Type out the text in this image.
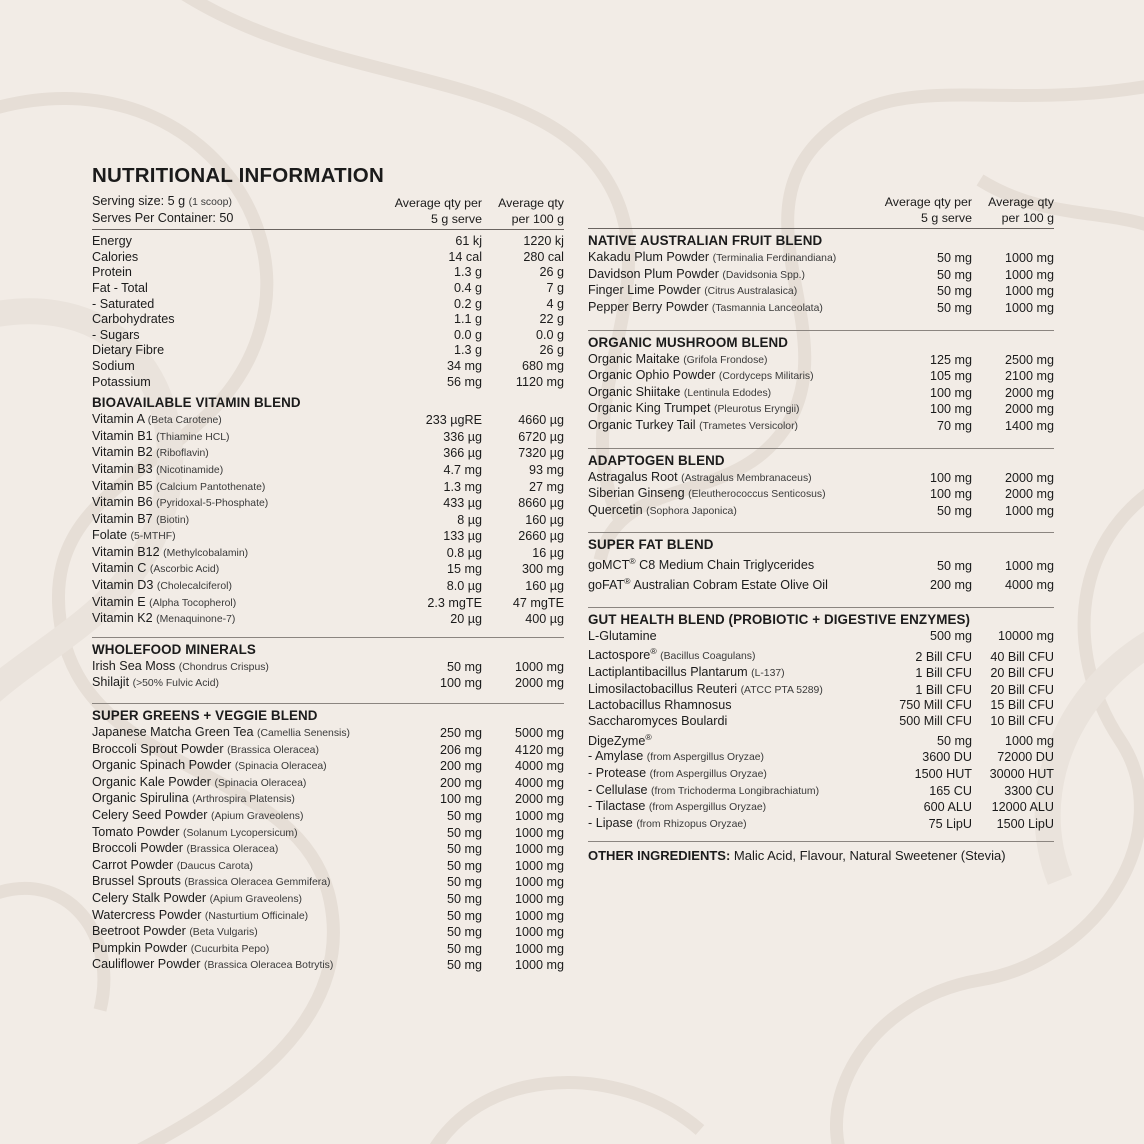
NUTRITIONAL INFORMATION
Serving size: 5 g (1 scoop)	Average qty per	Average qty
Serves Per Container: 50	5 g serve	per 100 g
Energy	61 kj	1220 kj
Calories	14 cal	280 cal
Protein	1.3 g	26 g
Fat - Total	0.4 g	7 g
- Saturated	0.2 g	4 g
Carbohydrates	1.1 g	22 g
- Sugars	0.0 g	0.0 g
Dietary Fibre	1.3 g	26 g
Sodium	34 mg	680 mg
Potassium	56 mg	1120 mg
BIOAVAILABLE VITAMIN BLEND
Vitamin A (Beta Carotene)	233 µgRE	4660 µg
Vitamin B1 (Thiamine HCL)	336 µg	6720 µg
Vitamin B2 (Riboflavin)	366 µg	7320 µg
Vitamin B3 (Nicotinamide)	4.7 mg	93 mg
Vitamin B5 (Calcium Pantothenate)	1.3 mg	27 mg
Vitamin B6 (Pyridoxal-5-Phosphate)	433 µg	8660 µg
Vitamin B7 (Biotin)	8 µg	160 µg
Folate (5-MTHF)	133 µg	2660 µg
Vitamin B12 (Methylcobalamin)	0.8 µg	16 µg
Vitamin C (Ascorbic Acid)	15 mg	300 mg
Vitamin D3 (Cholecalciferol)	8.0 µg	160 µg
Vitamin E (Alpha Tocopherol)	2.3 mgTE	47 mgTE
Vitamin K2 (Menaquinone-7)	20 µg	400 µg
WHOLEFOOD MINERALS
Irish Sea Moss (Chondrus Crispus)	50 mg	1000 mg
Shilajit (>50% Fulvic Acid)	100 mg	2000 mg
SUPER GREENS + VEGGIE BLEND
Japanese Matcha Green Tea (Camellia Senensis)	250 mg	5000 mg
Broccoli Sprout Powder (Brassica Oleracea)	206 mg	4120 mg
Organic Spinach Powder (Spinacia Oleracea)	200 mg	4000 mg
Organic Kale Powder (Spinacia Oleracea)	200 mg	4000 mg
Organic Spirulina (Arthrospira Platensis)	100 mg	2000 mg
Celery Seed Powder (Apium Graveolens)	50 mg	1000 mg
Tomato Powder (Solanum Lycopersicum)	50 mg	1000 mg
Broccoli Powder (Brassica Oleracea)	50 mg	1000 mg
Carrot Powder (Daucus Carota)	50 mg	1000 mg
Brussel Sprouts (Brassica Oleracea Gemmifera)	50 mg	1000 mg
Celery Stalk Powder (Apium Graveolens)	50 mg	1000 mg
Watercress Powder (Nasturtium Officinale)	50 mg	1000 mg
Beetroot Powder (Beta Vulgaris)	50 mg	1000 mg
Pumpkin Powder (Cucurbita Pepo)	50 mg	1000 mg
Cauliflower Powder (Brassica Oleracea Botrytis)	50 mg	1000 mg
	Average qty per	Average qty
	5 g serve	per 100 g
NATIVE AUSTRALIAN FRUIT BLEND
Kakadu Plum Powder (Terminalia Ferdinandiana)	50 mg	1000 mg
Davidson Plum Powder (Davidsonia Spp.)	50 mg	1000 mg
Finger Lime Powder (Citrus Australasica)	50 mg	1000 mg
Pepper Berry Powder (Tasmannia Lanceolata)	50 mg	1000 mg
ORGANIC MUSHROOM BLEND
Organic Maitake (Grifola Frondose)	125 mg	2500 mg
Organic Ophio Powder (Cordyceps Militaris)	105 mg	2100 mg
Organic Shiitake (Lentinula Edodes)	100 mg	2000 mg
Organic King Trumpet (Pleurotus Eryngii)	100 mg	2000 mg
Organic Turkey Tail (Trametes Versicolor)	70 mg	1400 mg
ADAPTOGEN BLEND
Astragalus Root (Astragalus Membranaceus)	100 mg	2000 mg
Siberian Ginseng (Eleutherococcus Senticosus)	100 mg	2000 mg
Quercetin (Sophora Japonica)	50 mg	1000 mg
SUPER FAT BLEND
goMCT® C8 Medium Chain Triglycerides	50 mg	1000 mg
goFAT® Australian Cobram Estate Olive Oil	200 mg	4000 mg
GUT HEALTH BLEND (PROBIOTIC + DIGESTIVE ENZYMES)
L-Glutamine	500 mg	10000 mg
Lactospore® (Bacillus Coagulans)	2 Bill CFU	40 Bill CFU
Lactiplantibacillus Plantarum (L-137)	1 Bill CFU	20 Bill CFU
Limosilactobacillus Reuteri (ATCC PTA 5289)	1 Bill CFU	20 Bill CFU
Lactobacillus Rhamnosus	750 Mill CFU	15 Bill CFU
Saccharomyces Boulardi	500 Mill CFU	10 Bill CFU
DigeZyme®	50 mg	1000 mg
- Amylase (from Aspergillus Oryzae)	3600 DU	72000 DU
- Protease (from Aspergillus Oryzae)	1500 HUT	30000 HUT
- Cellulase (from Trichoderma Longibrachiatum)	165 CU	3300 CU
- Tilactase (from Aspergillus Oryzae)	600 ALU	12000 ALU
- Lipase (from Rhizopus Oryzae)	75 LipU	1500 LipU
OTHER INGREDIENTS: Malic Acid, Flavour, Natural Sweetener (Stevia)
